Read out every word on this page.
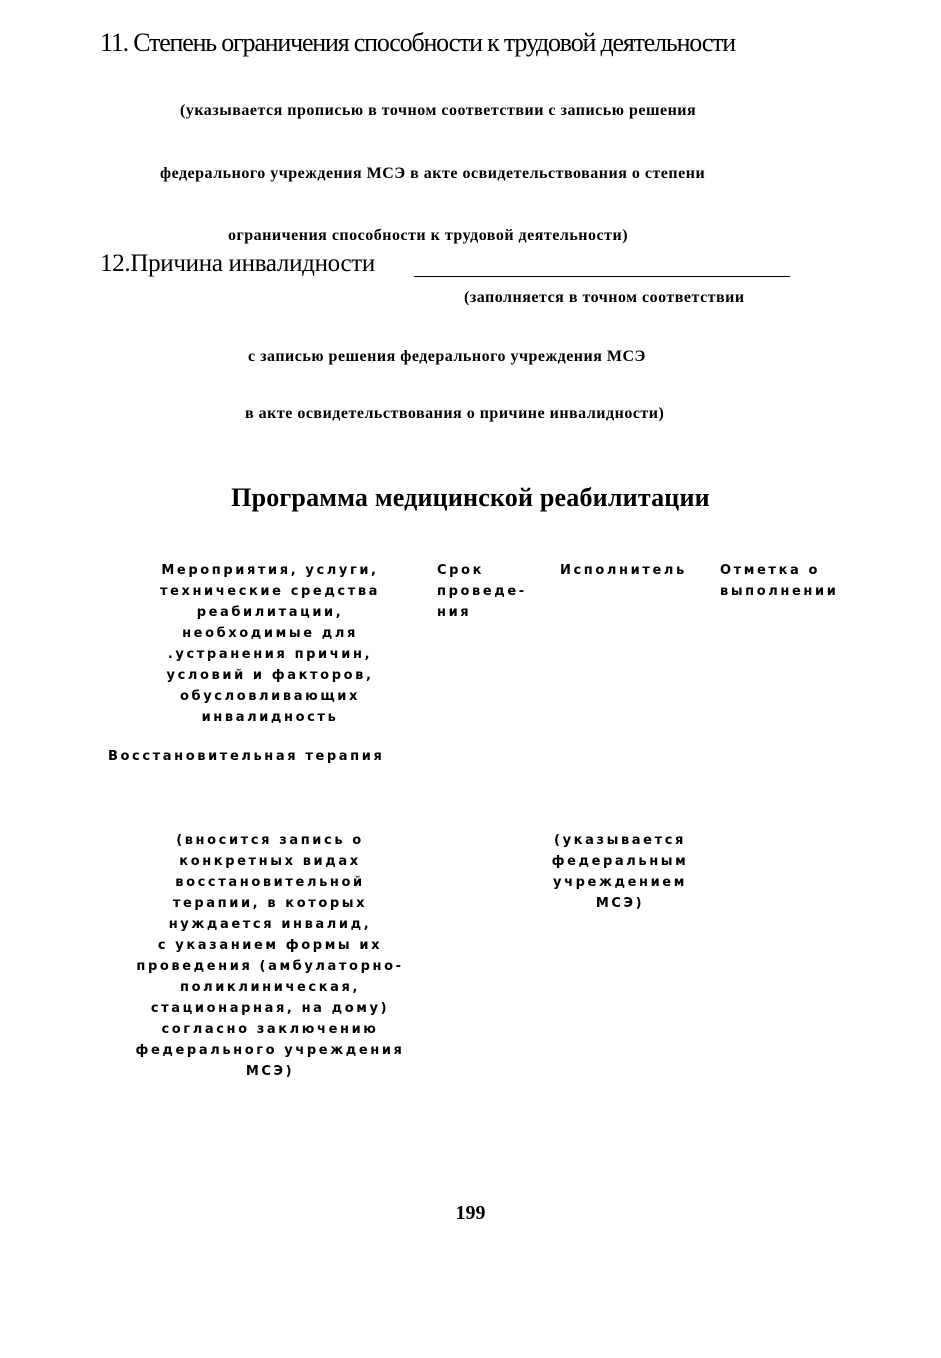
11. Степень ограничения способности к трудовой деятельности
(указывается прописью в точном соответствии с записью решения
федерального учреждения МСЭ в акте освидетельствования о степени
ограничения способности к трудовой деятельности)
12.Причина инвалидности
(заполняется в точном соответствии
с записью решения федерального учреждения МСЭ
в акте освидетельствования о причине инвалидности)
Программа медицинской реабилитации
Мероприятия, услуги,
технические средства
реабилитации,
необходимые для
.устранения причин,
условий и факторов,
обусловливающих
инвалидность
Срок
проведе-
ния
Исполнитель	Отметка о
выполнении
Восстановительная терапия
(вносится запись о
конкретных видах
восстановительной
терапии, в которых
нуждается инвалид,
с указанием формы их
проведения (амбулаторно-
поликлиническая,
стационарная, на дому)
согласно заключению
федерального учреждения
МСЭ)
(указывается
федеральным
учреждением
МСЭ)
199
